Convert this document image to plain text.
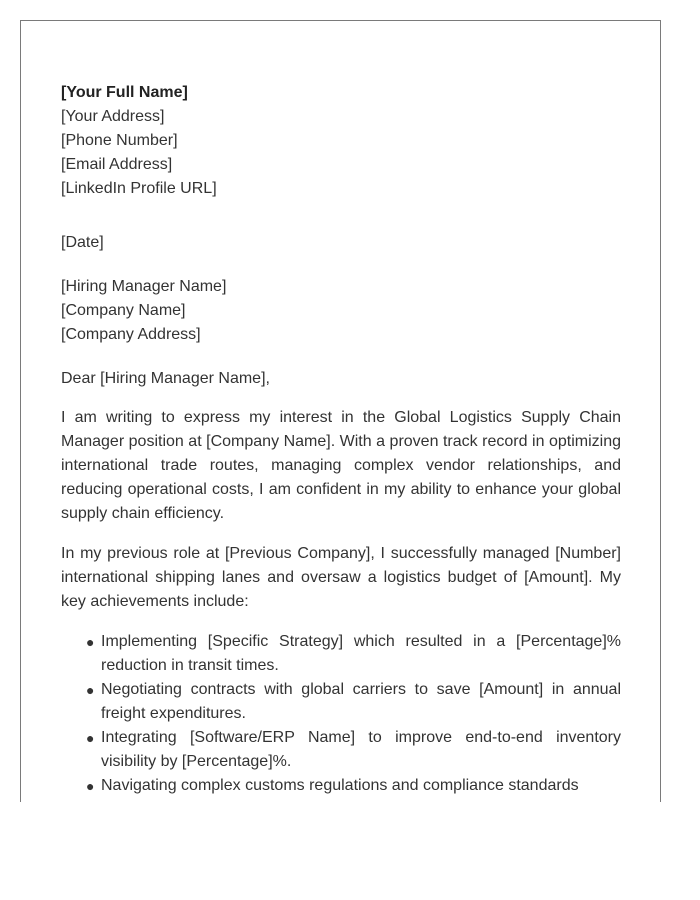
[Your Full Name]
[Your Address]
[Phone Number]
[Email Address]
[LinkedIn Profile URL]
[Date]
[Hiring Manager Name]
[Company Name]
[Company Address]
Dear [Hiring Manager Name],

I am writing to express my interest in the Global Logistics Supply Chain Manager position at [Company Name]. With a proven track record in optimizing international trade routes, managing complex vendor relationships, and reducing operational costs, I am confident in my ability to enhance your global supply chain efficiency.

In my previous role at [Previous Company], I successfully managed [Number] international shipping lanes and oversaw a logistics budget of [Amount]. My key achievements include:

● Implementing [Specific Strategy] which resulted in a [Percentage]% reduction in transit times.
● Negotiating contracts with global carriers to save [Amount] in annual freight expenditures.
● Integrating [Software/ERP Name] to improve end-to-end inventory visibility by [Percentage]%.
● Navigating complex customs regulations and compliance standards
